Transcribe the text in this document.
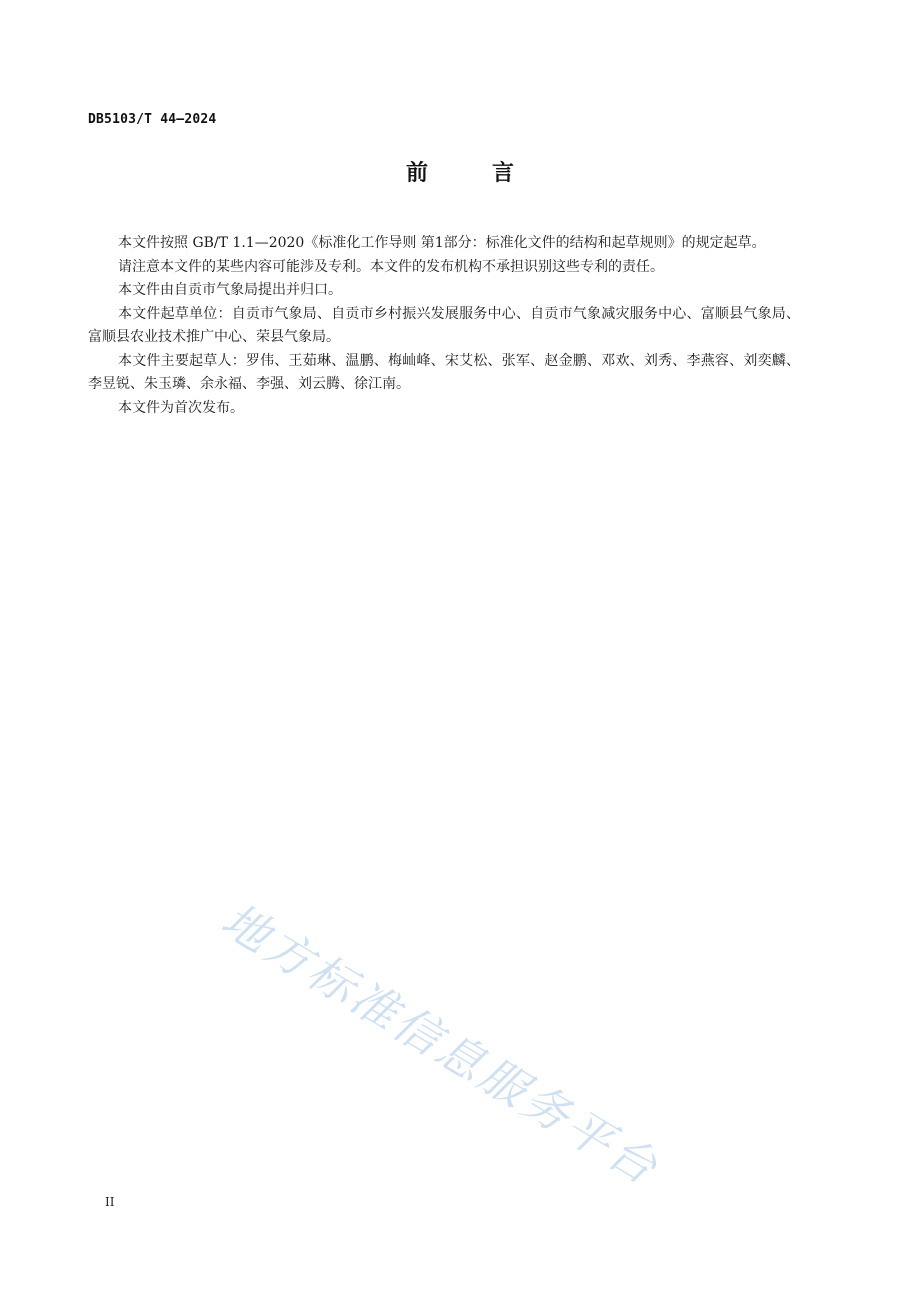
DB5103/T 44—2024
前言

本文件按照 GB/T 1.1—2020《标准化工作导则 第1部分：标准化文件的结构和起草规则》的规定起草。

请注意本文件的某些内容可能涉及专利。本文件的发布机构不承担识别这些专利的责任。

本文件由自贡市气象局提出并归口。

本文件起草单位：自贡市气象局、自贡市乡村振兴发展服务中心、自贡市气象减灾服务中心、富顺县气象局、富顺县农业技术推广中心、荣县气象局。

本文件主要起草人：罗伟、王茹琳、温鹏、梅屾峰、宋艾松、张军、赵金鹏、邓欢、刘秀、李燕容、刘奕麟、李昱锐、朱玉璘、余永福、李强、刘云腾、徐江南。

本文件为首次发布。

地方标准信息服务平台
II
